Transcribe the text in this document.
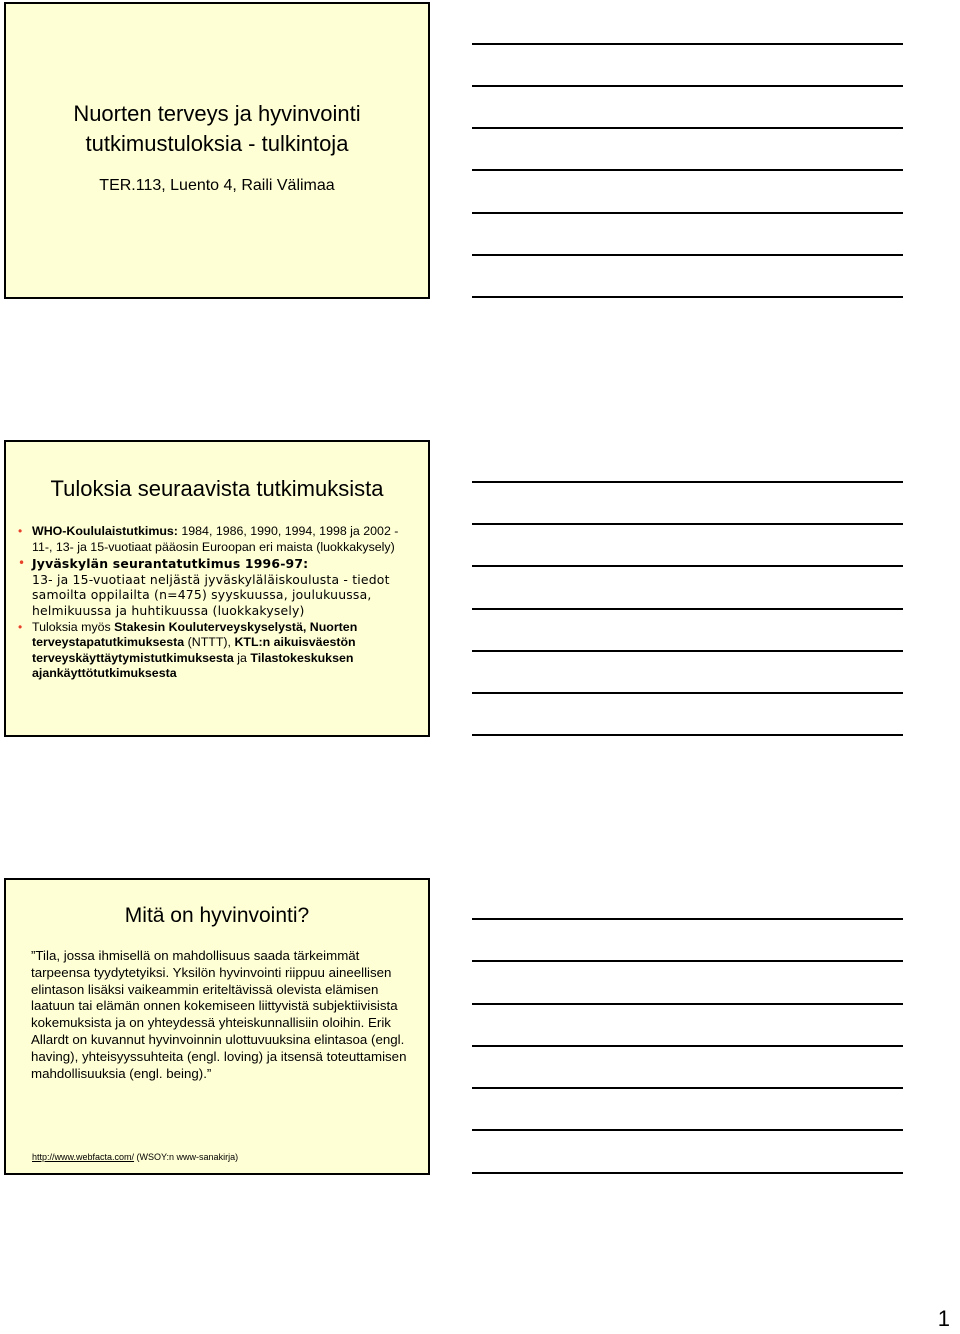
Nuorten terveys ja hyvinvointi
tutkimustuloksia - tulkintoja
TER.113, Luento 4, Raili Välimaa
Tuloksia seuraavista tutkimuksista
• WHO-Koululaistutkimus: 1984, 1986, 1990, 1994, 1998 ja 2002 - 11-, 13- ja 15-vuotiaat pääosin Euroopan eri maista (luokkakysely)
• Jyväskylän seurantatutkimus 1996-97:
13- ja 15-vuotiaat neljästä jyväskyläläiskoulusta - tiedot samoilta oppilailta (n=475) syyskuussa, joulukuussa, helmikuussa ja huhtikuussa (luokkakysely)
• Tuloksia myös Stakesin Kouluterveyskyselystä, Nuorten terveystapatutkimuksesta (NTTT), KTL:n aikuisväestön terveyskäyttäytymistutkimuksesta ja Tilastokeskuksen ajankäyttötutkimuksesta
Mitä on hyvinvointi?
”Tila, jossa ihmisellä on mahdollisuus saada tärkeimmät tarpeensa tyydytetyiksi. Yksilön hyvinvointi riippuu aineellisen elintason lisäksi vaikeammin eriteltävissä olevista elämisen laatuun tai elämän onnen kokemiseen liittyvistä subjektiivisista kokemuksista ja on yhteydessä yhteiskunnallisiin oloihin. Erik Allardt on kuvannut hyvinvoinnin ulottuvuuksina elintasoa (engl. having), yhteisyyssuhteita (engl. loving) ja itsensä toteuttamisen mahdollisuuksia (engl. being).”
http://www.webfacta.com/ (WSOY:n www-sanakirja)
1
